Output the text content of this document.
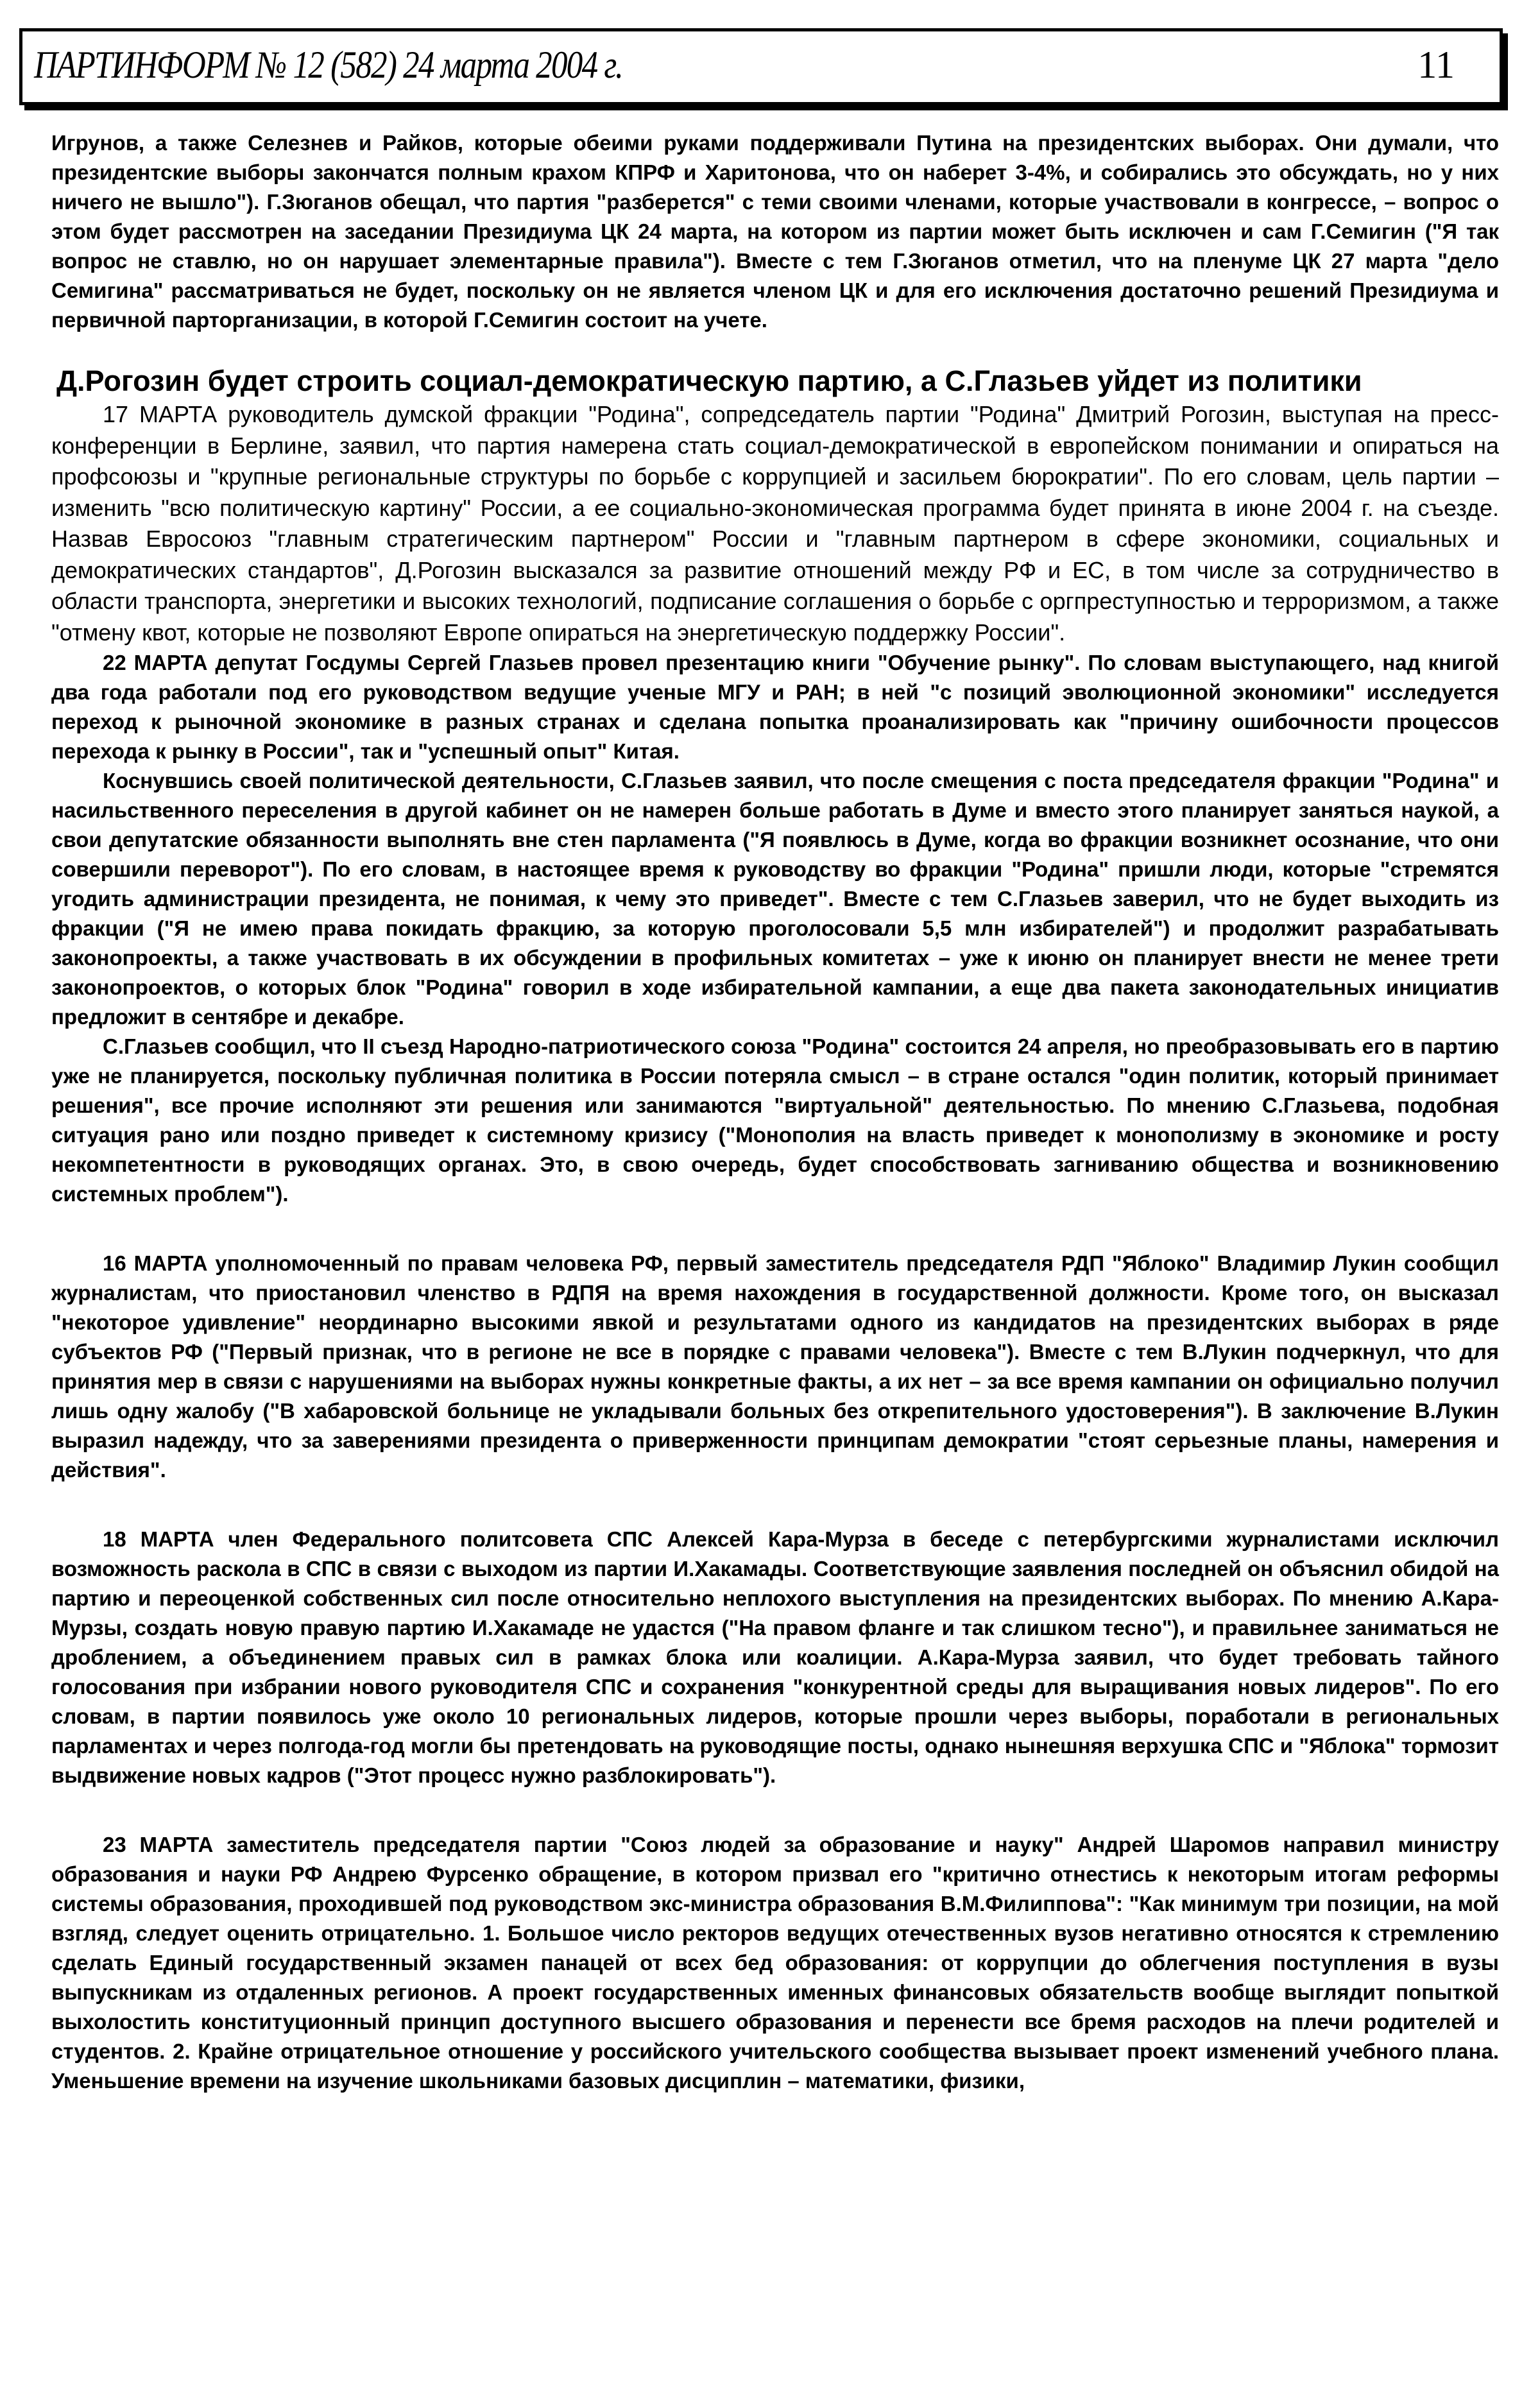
ПАРТИНФОРМ № 12 (582) 24 марта 2004 г.	11

Игрунов, а также Селезнев и Райков, которые обеими руками поддерживали Путина на президентских выборах. Они думали, что президентские выборы закончатся полным крахом КПРФ и Харитонова, что он наберет 3-4%, и собирались это обсуждать, но у них ничего не вышло"). Г.Зюганов обещал, что партия "разберется" с теми своими членами, которые участвовали в конгрессе, – вопрос о этом будет рассмотрен на заседании Президиума ЦК 24 марта, на котором из партии может быть исключен и сам Г.Семигин ("Я так вопрос не ставлю, но он нарушает элементарные правила"). Вместе с тем Г.Зюганов отметил, что на пленуме ЦК 27 марта "дело Семигина" рассматриваться не будет, поскольку он не является членом ЦК и для его исключения достаточно решений Президиума и первичной парторганизации, в которой Г.Семигин состоит на учете.

Д.Рогозин будет строить социал-демократическую партию, а С.Глазьев уйдет из политики

17 МАРТА руководитель думской фракции "Родина", сопредседатель партии "Родина" Дмитрий Рогозин, выступая на пресс-конференции в Берлине, заявил, что партия намерена стать социал-демократической в европейском понимании и опираться на профсоюзы и "крупные региональные структуры по борьбе с коррупцией и засильем бюрократии". По его словам, цель партии – изменить "всю политическую картину" России, а ее социально-экономическая программа будет принята в июне 2004 г. на съезде. Назвав Евросоюз "главным стратегическим партнером" России и "главным партнером в сфере экономики, социальных и демократических стандартов", Д.Рогозин высказался за развитие отношений между РФ и ЕС, в том числе за сотрудничество в области транспорта, энергетики и высоких технологий, подписание соглашения о борьбе с оргпреступностью и терроризмом, а также "отмену квот, которые не позволяют Европе опираться на энергетическую поддержку России".

22 МАРТА депутат Госдумы Сергей Глазьев провел презентацию книги "Обучение рынку". По словам выступающего, над книгой два года работали под его руководством ведущие ученые МГУ и РАН; в ней "с позиций эволюционной экономики" исследуется переход к рыночной экономике в разных странах и сделана попытка проанализировать как "причину ошибочности процессов перехода к рынку в России", так и "успешный опыт" Китая.

Коснувшись своей политической деятельности, С.Глазьев заявил, что после смещения с поста председателя фракции "Родина" и насильственного переселения в другой кабинет он не намерен больше работать в Думе и вместо этого планирует заняться наукой, а свои депутатские обязанности выполнять вне стен парламента ("Я появлюсь в Думе, когда во фракции возникнет осознание, что они совершили переворот"). По его словам, в настоящее время к руководству во фракции "Родина" пришли люди, которые "стремятся угодить администрации президента, не понимая, к чему это приведет". Вместе с тем С.Глазьев заверил, что не будет выходить из фракции ("Я не имею права покидать фракцию, за которую проголосовали 5,5 млн избирателей") и продолжит разрабатывать законопроекты, а также участвовать в их обсуждении в профильных комитетах – уже к июню он планирует внести не менее трети законопроектов, о которых блок "Родина" говорил в ходе избирательной кампании, а еще два пакета законодательных инициатив предложит в сентябре и декабре.

С.Глазьев сообщил, что II съезд Народно-патриотического союза "Родина" состоится 24 апреля, но преобразовывать его в партию уже не планируется, поскольку публичная политика в России потеряла смысл – в стране остался "один политик, который принимает решения", все прочие исполняют эти решения или занимаются "виртуальной" деятельностью. По мнению С.Глазьева, подобная ситуация рано или поздно приведет к системному кризису ("Монополия на власть приведет к монополизму в экономике и росту некомпетентности в руководящих органах. Это, в свою очередь, будет способствовать загниванию общества и возникновению системных проблем").

16 МАРТА уполномоченный по правам человека РФ, первый заместитель председателя РДП "Яблоко" Владимир Лукин сообщил журналистам, что приостановил членство в РДПЯ на время нахождения в государственной должности. Кроме того, он высказал "некоторое удивление" неординарно высокими явкой и результатами одного из кандидатов на президентских выборах в ряде субъектов РФ ("Первый признак, что в регионе не все в порядке с правами человека"). Вместе с тем В.Лукин подчеркнул, что для принятия мер в связи с нарушениями на выборах нужны конкретные факты, а их нет – за все время кампании он официально получил лишь одну жалобу ("В хабаровской больнице не укладывали больных без открепительного удостоверения"). В заключение В.Лукин выразил надежду, что за заверениями президента о приверженности принципам демократии "стоят серьезные планы, намерения и действия".

18 МАРТА член Федерального политсовета СПС Алексей Кара-Мурза в беседе с петербургскими журналистами исключил возможность раскола в СПС в связи с выходом из партии И.Хакамады. Соответствующие заявления последней он объяснил обидой на партию и переоценкой собственных сил после относительно неплохого выступления на президентских выборах. По мнению А.Кара-Мурзы, создать новую правую партию И.Хакамаде не удастся ("На правом фланге и так слишком тесно"), и правильнее заниматься не дроблением, а объединением правых сил в рамках блока или коалиции. А.Кара-Мурза заявил, что будет требовать тайного голосования при избрании нового руководителя СПС и сохранения "конкурентной среды для выращивания новых лидеров". По его словам, в партии появилось уже около 10 региональных лидеров, которые прошли через выборы, поработали в региональных парламентах и через полгода-год могли бы претендовать на руководящие посты, однако нынешняя верхушка СПС и "Яблока" тормозит выдвижение новых кадров ("Этот процесс нужно разблокировать").

23 МАРТА заместитель председателя партии "Союз людей за образование и науку" Андрей Шаромов направил министру образования и науки РФ Андрею Фурсенко обращение, в котором призвал его "критично отнестись к некоторым итогам реформы системы образования, проходившей под руководством экс-министра образования В.М.Филиппова": "Как минимум три позиции, на мой взгляд, следует оценить отрицательно. 1. Большое число ректоров ведущих отечественных вузов негативно относятся к стремлению сделать Единый государственный экзамен панацей от всех бед образования: от коррупции до облегчения поступления в вузы выпускникам из отдаленных регионов. А проект государственных именных финансовых обязательств вообще выглядит попыткой выхолостить конституционный принцип доступного высшего образования и перенести все бремя расходов на плечи родителей и студентов. 2. Крайне отрицательное отношение у российского учительского сообщества вызывает проект изменений учебного плана. Уменьшение времени на изучение школьниками базовых дисциплин – математики, физики,
